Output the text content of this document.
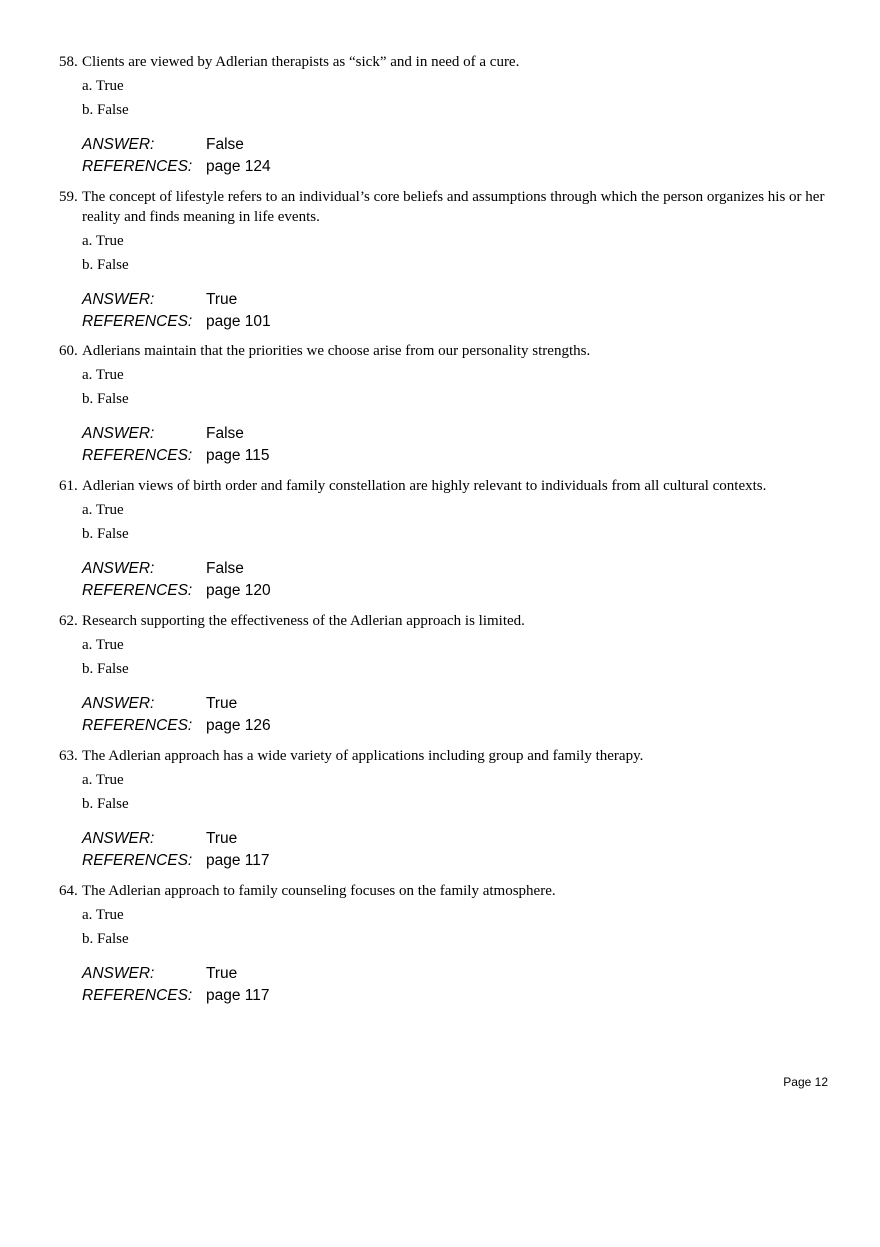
58. Clients are viewed by Adlerian therapists as “sick” and in need of a cure.

a. True
b. False
ANSWER:	False
REFERENCES: page 124

59. The concept of lifestyle refers to an individual’s core beliefs and assumptions through which the person organizes his or her reality and finds meaning in life events.

a. True
b. False
ANSWER:	True
REFERENCES: page 101

60. Adlerians maintain that the priorities we choose arise from our personality strengths.

a. True
b. False
ANSWER:	False
REFERENCES: page 115

61. Adlerian views of birth order and family constellation are highly relevant to individuals from all cultural contexts.

a. True
b. False
ANSWER:	False
REFERENCES: page 120

62. Research supporting the effectiveness of the Adlerian approach is limited.

a. True
b. False
ANSWER:	True
REFERENCES: page 126

63. The Adlerian approach has a wide variety of applications including group and family therapy.

a. True
b. False
ANSWER:	True
REFERENCES: page 117

64. The Adlerian approach to family counseling focuses on the family atmosphere.

a. True
b. False
ANSWER:	True
REFERENCES: page 117
Page 12
